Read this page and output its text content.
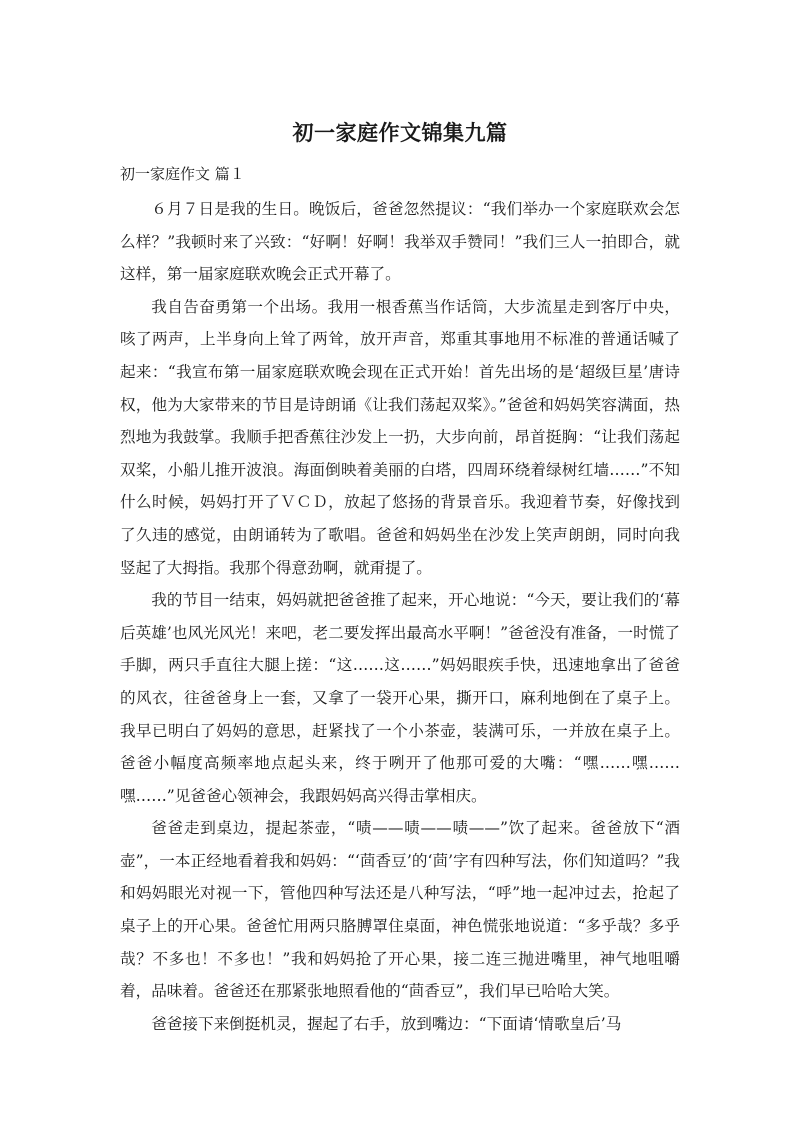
初一家庭作文锦集九篇
初一家庭作文 篇１

６月７日是我的生日。晚饭后，爸爸忽然提议：“我们举办一个家庭联欢会怎么样？”我顿时来了兴致：“好啊！好啊！我举双手赞同！”我们三人一拍即合，就这样，第一届家庭联欢晚会正式开幕了。

我自告奋勇第一个出场。我用一根香蕉当作话筒，大步流星走到客厅中央，咳了两声，上半身向上耸了两耸，放开声音，郑重其事地用不标准的普通话喊了起来：“我宣布第一届家庭联欢晚会现在正式开始！首先出场的是‘超级巨星’唐诗权，他为大家带来的节目是诗朗诵《让我们荡起双桨》。”爸爸和妈妈笑容满面，热烈地为我鼓掌。我顺手把香蕉往沙发上一扔，大步向前，昂首挺胸：“让我们荡起双桨，小船儿推开波浪。海面倒映着美丽的白塔，四周环绕着绿树红墙……”不知什么时候，妈妈打开了ＶＣＤ，放起了悠扬的背景音乐。我迎着节奏，好像找到了久违的感觉，由朗诵转为了歌唱。爸爸和妈妈坐在沙发上笑声朗朗，同时向我竖起了大拇指。我那个得意劲啊，就甭提了。

我的节目一结束，妈妈就把爸爸推了起来，开心地说：“今天，要让我们的‘幕后英雄’也风光风光！来吧，老二要发挥出最高水平啊！”爸爸没有准备，一时慌了手脚，两只手直往大腿上搓：“这……这……”妈妈眼疾手快，迅速地拿出了爸爸的风衣，往爸爸身上一套，又拿了一袋开心果，撕开口，麻利地倒在了桌子上。我早已明白了妈妈的意思，赶紧找了一个小茶壶，装满可乐，一并放在桌子上。爸爸小幅度高频率地点起头来，终于咧开了他那可爱的大嘴：“嘿……嘿……嘿……”见爸爸心领神会，我跟妈妈高兴得击掌相庆。

爸爸走到桌边，提起茶壶，“啧——啧——啧——”饮了起来。爸爸放下“酒壶”，一本正经地看着我和妈妈：“‘茴香豆’的‘茴’字有四种写法，你们知道吗？”我和妈妈眼光对视一下，管他四种写法还是八种写法，“呼”地一起冲过去，抢起了桌子上的开心果。爸爸忙用两只胳膊罩住桌面，神色慌张地说道：“多乎哉？多乎哉？不多也！不多也！”我和妈妈抢了开心果，接二连三抛进嘴里，神气地咀嚼着，品味着。爸爸还在那紧张地照看他的“茴香豆”，我们早已哈哈大笑。

爸爸接下来倒挺机灵，握起了右手，放到嘴边：“下面请‘情歌皇后’马
